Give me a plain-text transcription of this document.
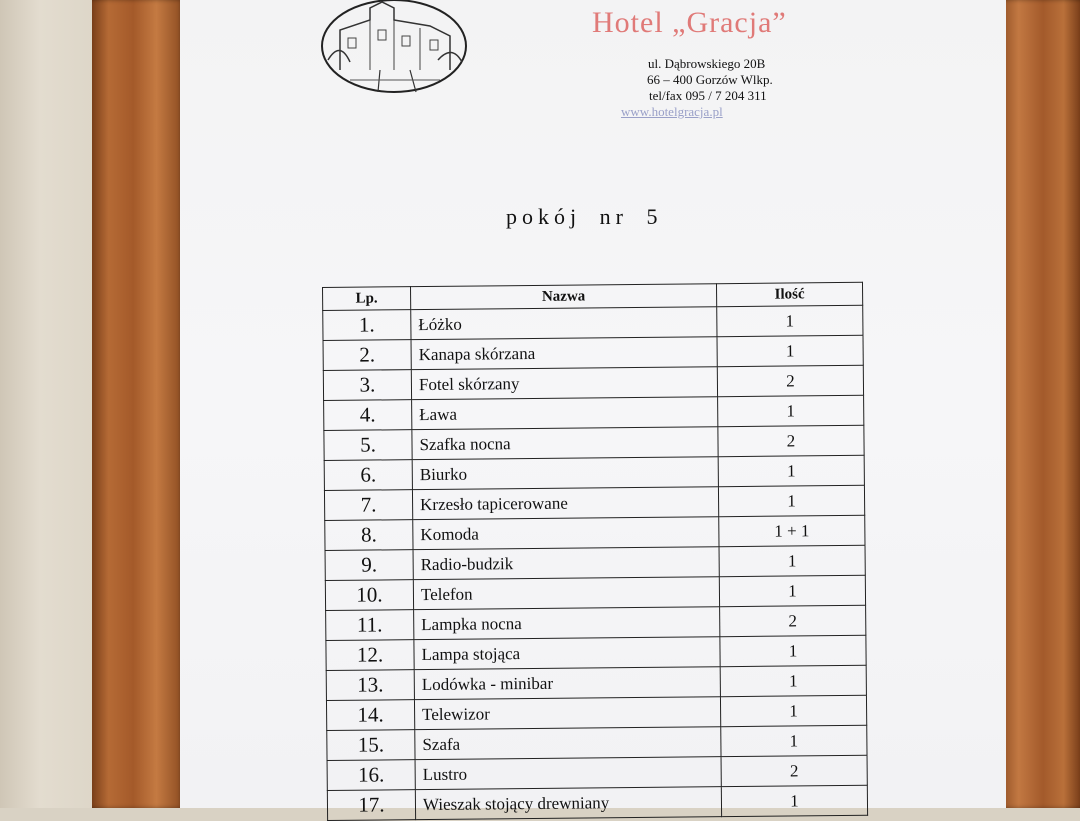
Hotel „Gracja”
ul. Dąbrowskiego 20B
66 – 400 Gorzów Wlkp.
tel/fax 095 / 7 204 311
www.hotelgracja.pl
pokój nr 5
Lp.	Nazwa	Ilość
1.	Łóżko	1
2.	Kanapa skórzana	1
3.	Fotel skórzany	2
4.	Ława	1
5.	Szafka nocna	2
6.	Biurko	1
7.	Krzesło tapicerowane	1
8.	Komoda	1 + 1
9.	Radio-budzik	1
10.	Telefon	1
11.	Lampka nocna	2
12.	Lampa stojąca	1
13.	Lodówka - minibar	1
14.	Telewizor	1
15.	Szafa	1
16.	Lustro	2
17.	Wieszak stojący drewniany	1
